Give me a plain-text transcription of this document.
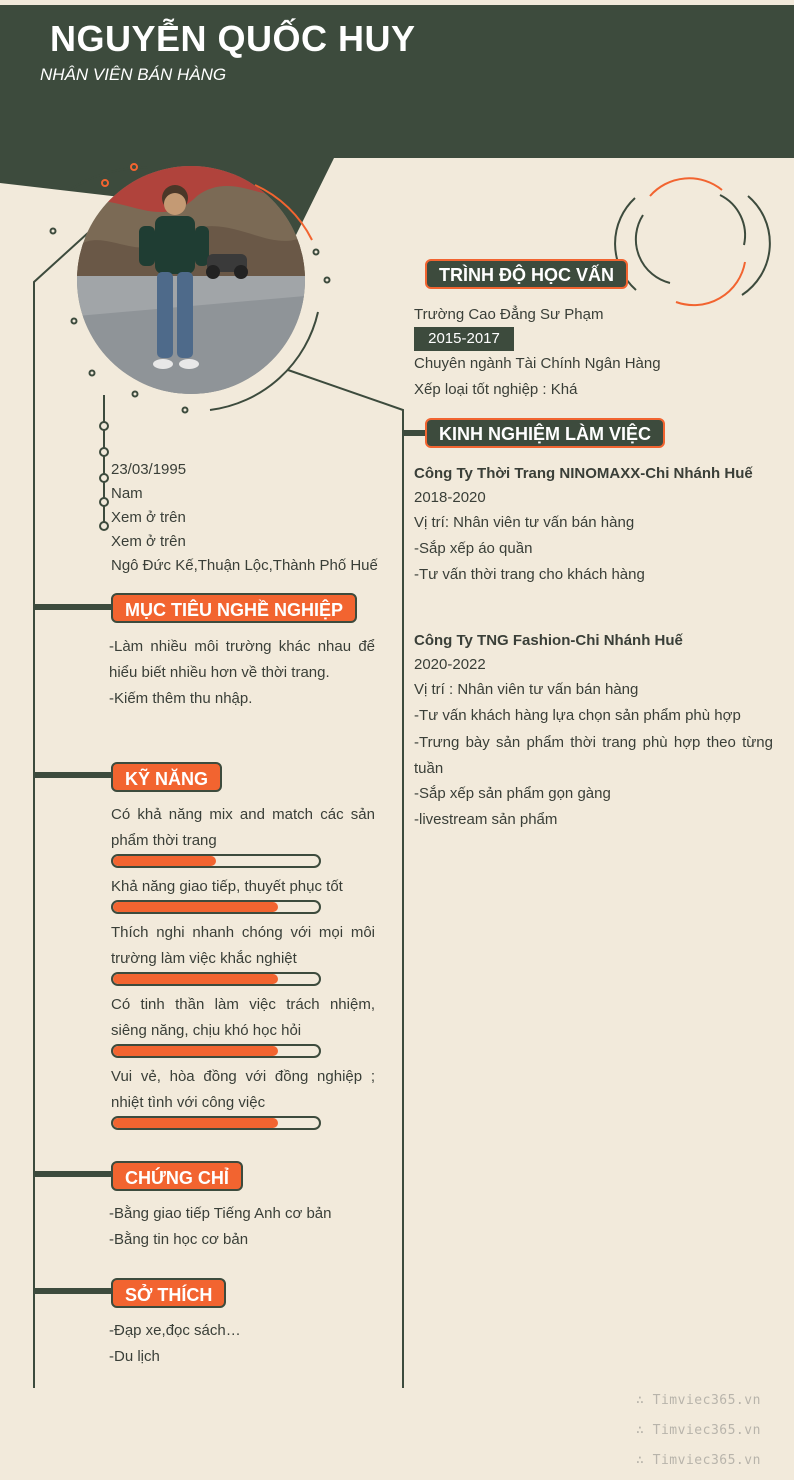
NGUYỄN QUỐC HUY
NHÂN VIÊN BÁN HÀNG
23/03/1995
Nam
Xem ở trên
Xem ở trên
Ngô Đức Kế,Thuận Lộc,Thành Phố Huế
MỤC TIÊU NGHỀ NGHIỆP
-Làm nhiều môi trường khác nhau để hiểu biết nhiều hơn về thời trang.
-Kiếm thêm thu nhập.
KỸ NĂNG
Có khả năng mix and match các sản phẩm thời trang
Khả năng giao tiếp, thuyết phục tốt
Thích nghi nhanh chóng với mọi môi trường làm việc khắc nghiệt
Có tinh thần làm việc trách nhiệm, siêng năng, chịu khó học hỏi
Vui vẻ, hòa đồng với đồng nghiệp ; nhiệt tình với công việc
CHỨNG CHỈ
-Bằng giao tiếp Tiếng Anh cơ bản
-Bằng tin học cơ bản
SỞ THÍCH
-Đạp xe,đọc sách…
-Du lịch
TRÌNH ĐỘ HỌC VẤN
Trường Cao Đẳng Sư Phạm
2015-2017
Chuyên ngành Tài Chính Ngân Hàng
Xếp loại tốt nghiệp : Khá
KINH NGHIỆM LÀM VIỆC
Công Ty Thời Trang NINOMAXX-Chi Nhánh Huế
2018-2020
Vị trí: Nhân viên tư vấn bán hàng
-Sắp xếp áo quần
-Tư vấn thời trang cho khách hàng
Công Ty TNG Fashion-Chi Nhánh Huế
2020-2022
Vị trí : Nhân viên tư vấn bán hàng
-Tư vấn khách hàng lựa chọn sản phẩm phù hợp
-Trưng bày sản phẩm thời trang phù hợp theo từng tuần
-Sắp xếp sản phẩm gọn gàng
-livestream sản phẩm
∴ Timviec365.vn
∴ Timviec365.vn
∴ Timviec365.vn
